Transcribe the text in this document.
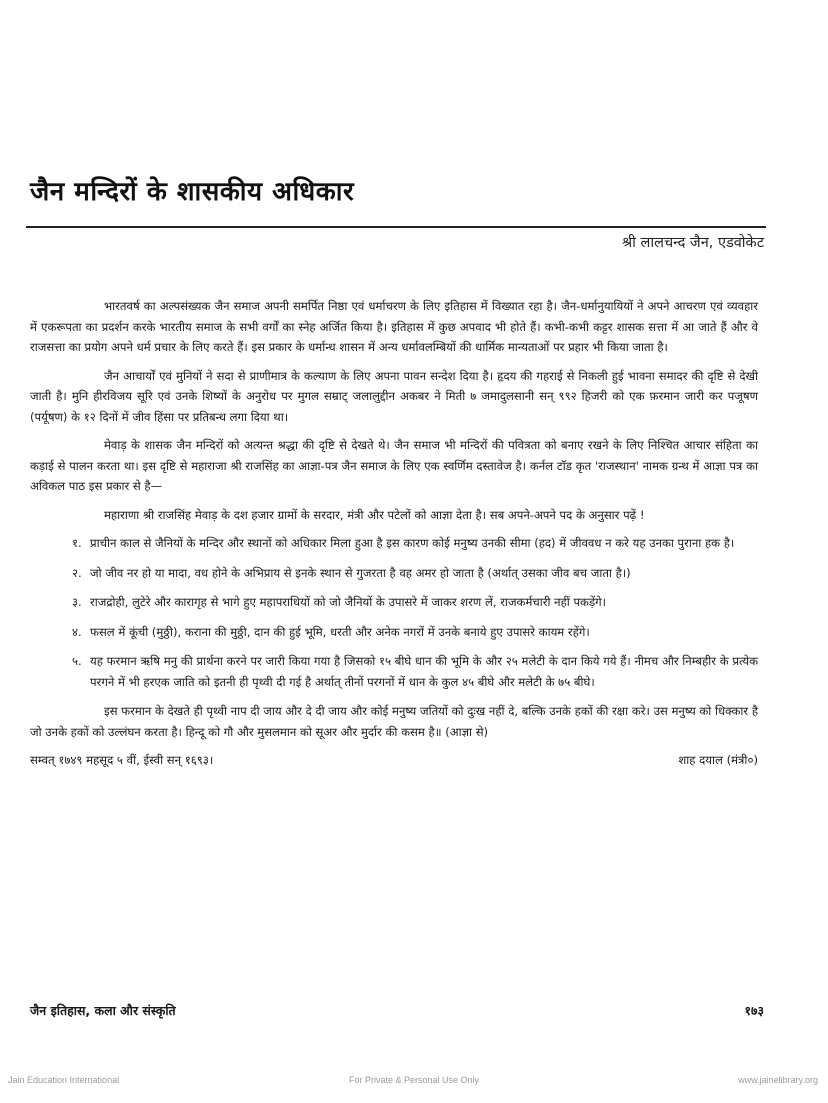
जैन मन्दिरों के शासकीय अधिकार
श्री लालचन्द जैन, एडवोकेट

भारतवर्ष का अल्पसंख्यक जैन समाज अपनी समर्पित निष्ठा एवं धर्माचरण के लिए इतिहास में विख्यात रहा है। जैन-धर्मानुयायियों ने अपने आचरण एवं व्यवहार में एकरूपता का प्रदर्शन करके भारतीय समाज के सभी वर्गों का स्नेह अर्जित किया है। इतिहास में कुछ अपवाद भी होते हैं। कभी-कभी कट्टर शासक सत्ता में आ जाते हैं और वे राजसत्ता का प्रयोग अपने धर्म प्रचार के लिए करते हैं। इस प्रकार के धर्मान्ध शासन में अन्य धर्मावलम्बियों की धार्मिक मान्यताओं पर प्रहार भी किया जाता है।

जैन आचार्यों एवं मुनियों ने सदा से प्राणीमात्र के कल्याण के लिए अपना पावन सन्देश दिया है। हृदय की गहराई से निकली हुई भावना समादर की दृष्टि से देखी जाती है। मुनि हीरविजय सूरि एवं उनके शिष्यों के अनुरोध पर मुगल सम्राट् जलालुद्दीन अकबर ने मिती ७ जमादुलसानी सन् ९९२ हिजरी को एक फ़रमान जारी कर पजूषण (पर्यूषण) के १२ दिनों में जीव हिंसा पर प्रतिबन्ध लगा दिया था।

मेवाड़ के शासक जैन मन्दिरों को अत्यन्त श्रद्धा की दृष्टि से देखते थे। जैन समाज भी मन्दिरों की पवित्रता को बनाए रखने के लिए निश्चित आचार संहिता का कड़ाई से पालन करता था। इस दृष्टि से महाराजा श्री राजसिंह का आज्ञा-पत्र जैन समाज के लिए एक स्वर्णिम दस्तावेज है। कर्नल टॉड कृत 'राजस्थान' नामक ग्रन्थ में आज्ञा पत्र का अविकल पाठ इस प्रकार से है—

महाराणा श्री राजसिंह मेवाड़ के दश हजार ग्रामों के सरदार, मंत्री और पटेलों को आज्ञा देता है। सब अपने-अपने पद के अनुसार पढ़ें !

१. प्राचीन काल से जैनियों के मन्दिर और स्थानों को अधिकार मिला हुआ है इस कारण कोई मनुष्य उनकी सीमा (हद) में जीववध न करे यह उनका पुराना हक है।
२. जो जीव नर हो या मादा, वध होने के अभिप्राय से इनके स्थान से गुजरता है वह अमर हो जाता है (अर्थात् उसका जीव बच जाता है।)
३. राजद्रोही, लुटेरे और कारागृह से भागे हुए महापराधियों को जो जैनियों के उपासरे में जाकर शरण लें, राजकर्मचारी नहीं पकड़ेंगे।
४. फसल में कूंची (मुठ्ठी), कराना की मुठ्ठी, दान की हुई भूमि, धरती और अनेक नगरों में उनके बनाये हुए उपासरे कायम रहेंगे।
५. यह फरमान ऋषि मनु की प्रार्थना करने पर जारी किया गया है जिसको १५ बीघे धान की भूमि के और २५ मलेटी के दान किये गये हैं। नीमच और निम्बहीर के प्रत्येक परगने में भी हरएक जाति को इतनी ही पृथ्वी दी गई है अर्थात् तीनों परगनों में धान के कुल ४५ बीघे और मलेटी के ७५ बीघे।

इस फरमान के देखते ही पृथ्वी नाप दी जाय और दे दी जाय और कोई मनुष्य जतियों को दुःख नहीं दे, बल्कि उनके हकों की रक्षा करे। उस मनुष्य को धिक्कार है जो उनके हकों को उल्लंघन करता है। हिन्दू को गौ और मुसलमान को सूअर और मुर्दार की कसम है॥ (आज्ञा से)

सम्वत् १७४९ महसूद ५ वीं, ईस्वी सन् १६९३।	शाह दयाल (मंत्री०)
जैन इतिहास, कला और संस्कृति	१७३
Jain Education International	For Private & Personal Use Only	www.jainelibrary.org
